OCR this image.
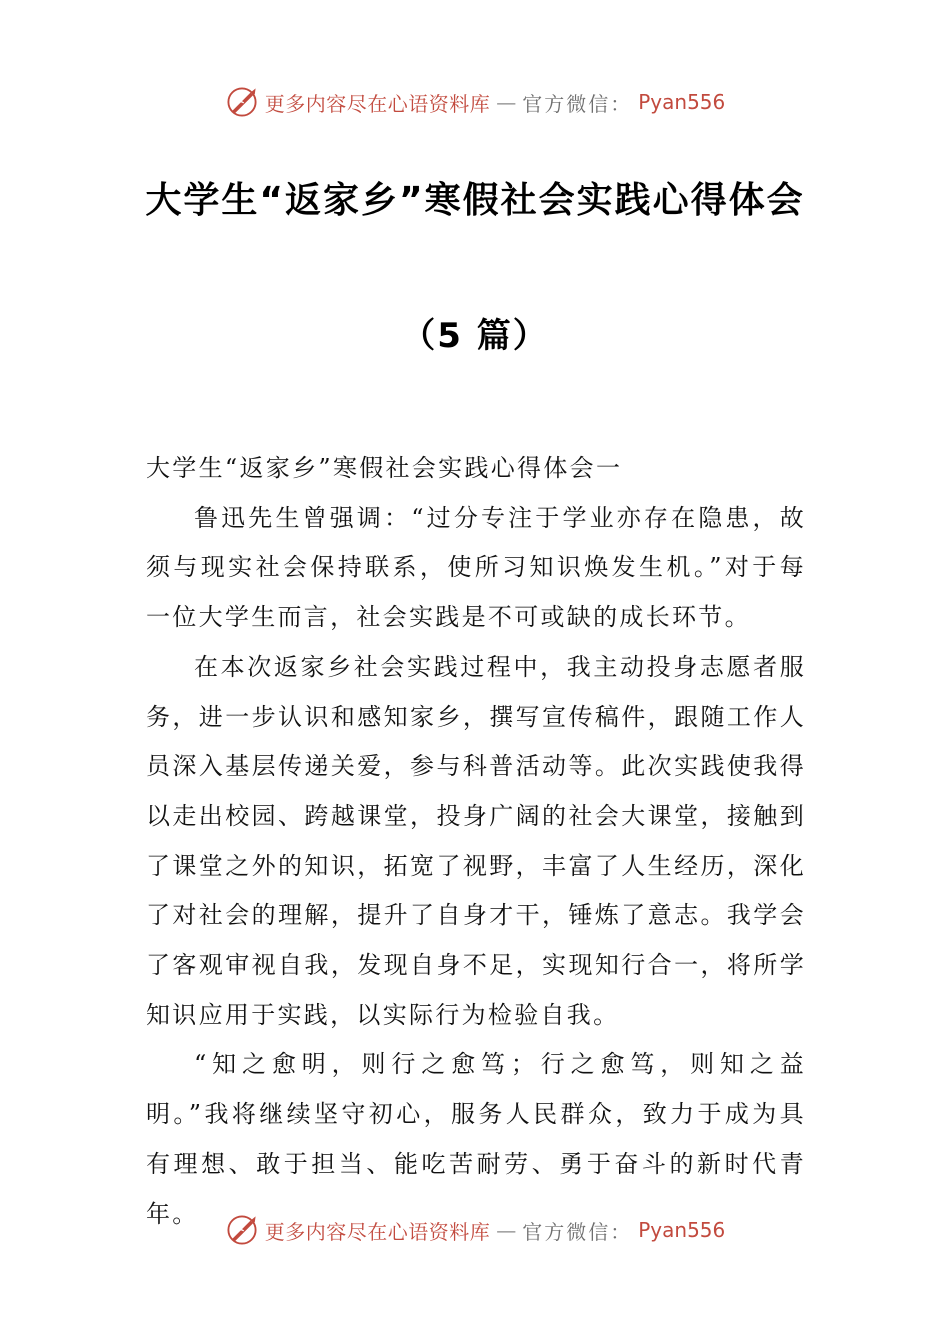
更多内容尽在心语资料库 — 官方微信： Pyan556
大学生“返家乡”寒假社会实践心得体会
（5 篇）

大学生“返家乡”寒假社会实践心得体会一

鲁迅先生曾强调：“过分专注于学业亦存在隐患，故须与现实社会保持联系，使所习知识焕发生机。”对于每一位大学生而言，社会实践是不可或缺的成长环节。

在本次返家乡社会实践过程中，我主动投身志愿者服务，进一步认识和感知家乡，撰写宣传稿件，跟随工作人员深入基层传递关爱，参与科普活动等。此次实践使我得以走出校园、跨越课堂，投身广阔的社会大课堂，接触到了课堂之外的知识，拓宽了视野，丰富了人生经历，深化了对社会的理解，提升了自身才干，锤炼了意志。我学会了客观审视自我，发现自身不足，实现知行合一，将所学知识应用于实践，以实际行为检验自我。

“知之愈明，则行之愈笃；行之愈笃，则知之益明。”我将继续坚守初心，服务人民群众，致力于成为具有理想、敢于担当、能吃苦耐劳、勇于奋斗的新时代青年。

更多内容尽在心语资料库 — 官方微信： Pyan556
